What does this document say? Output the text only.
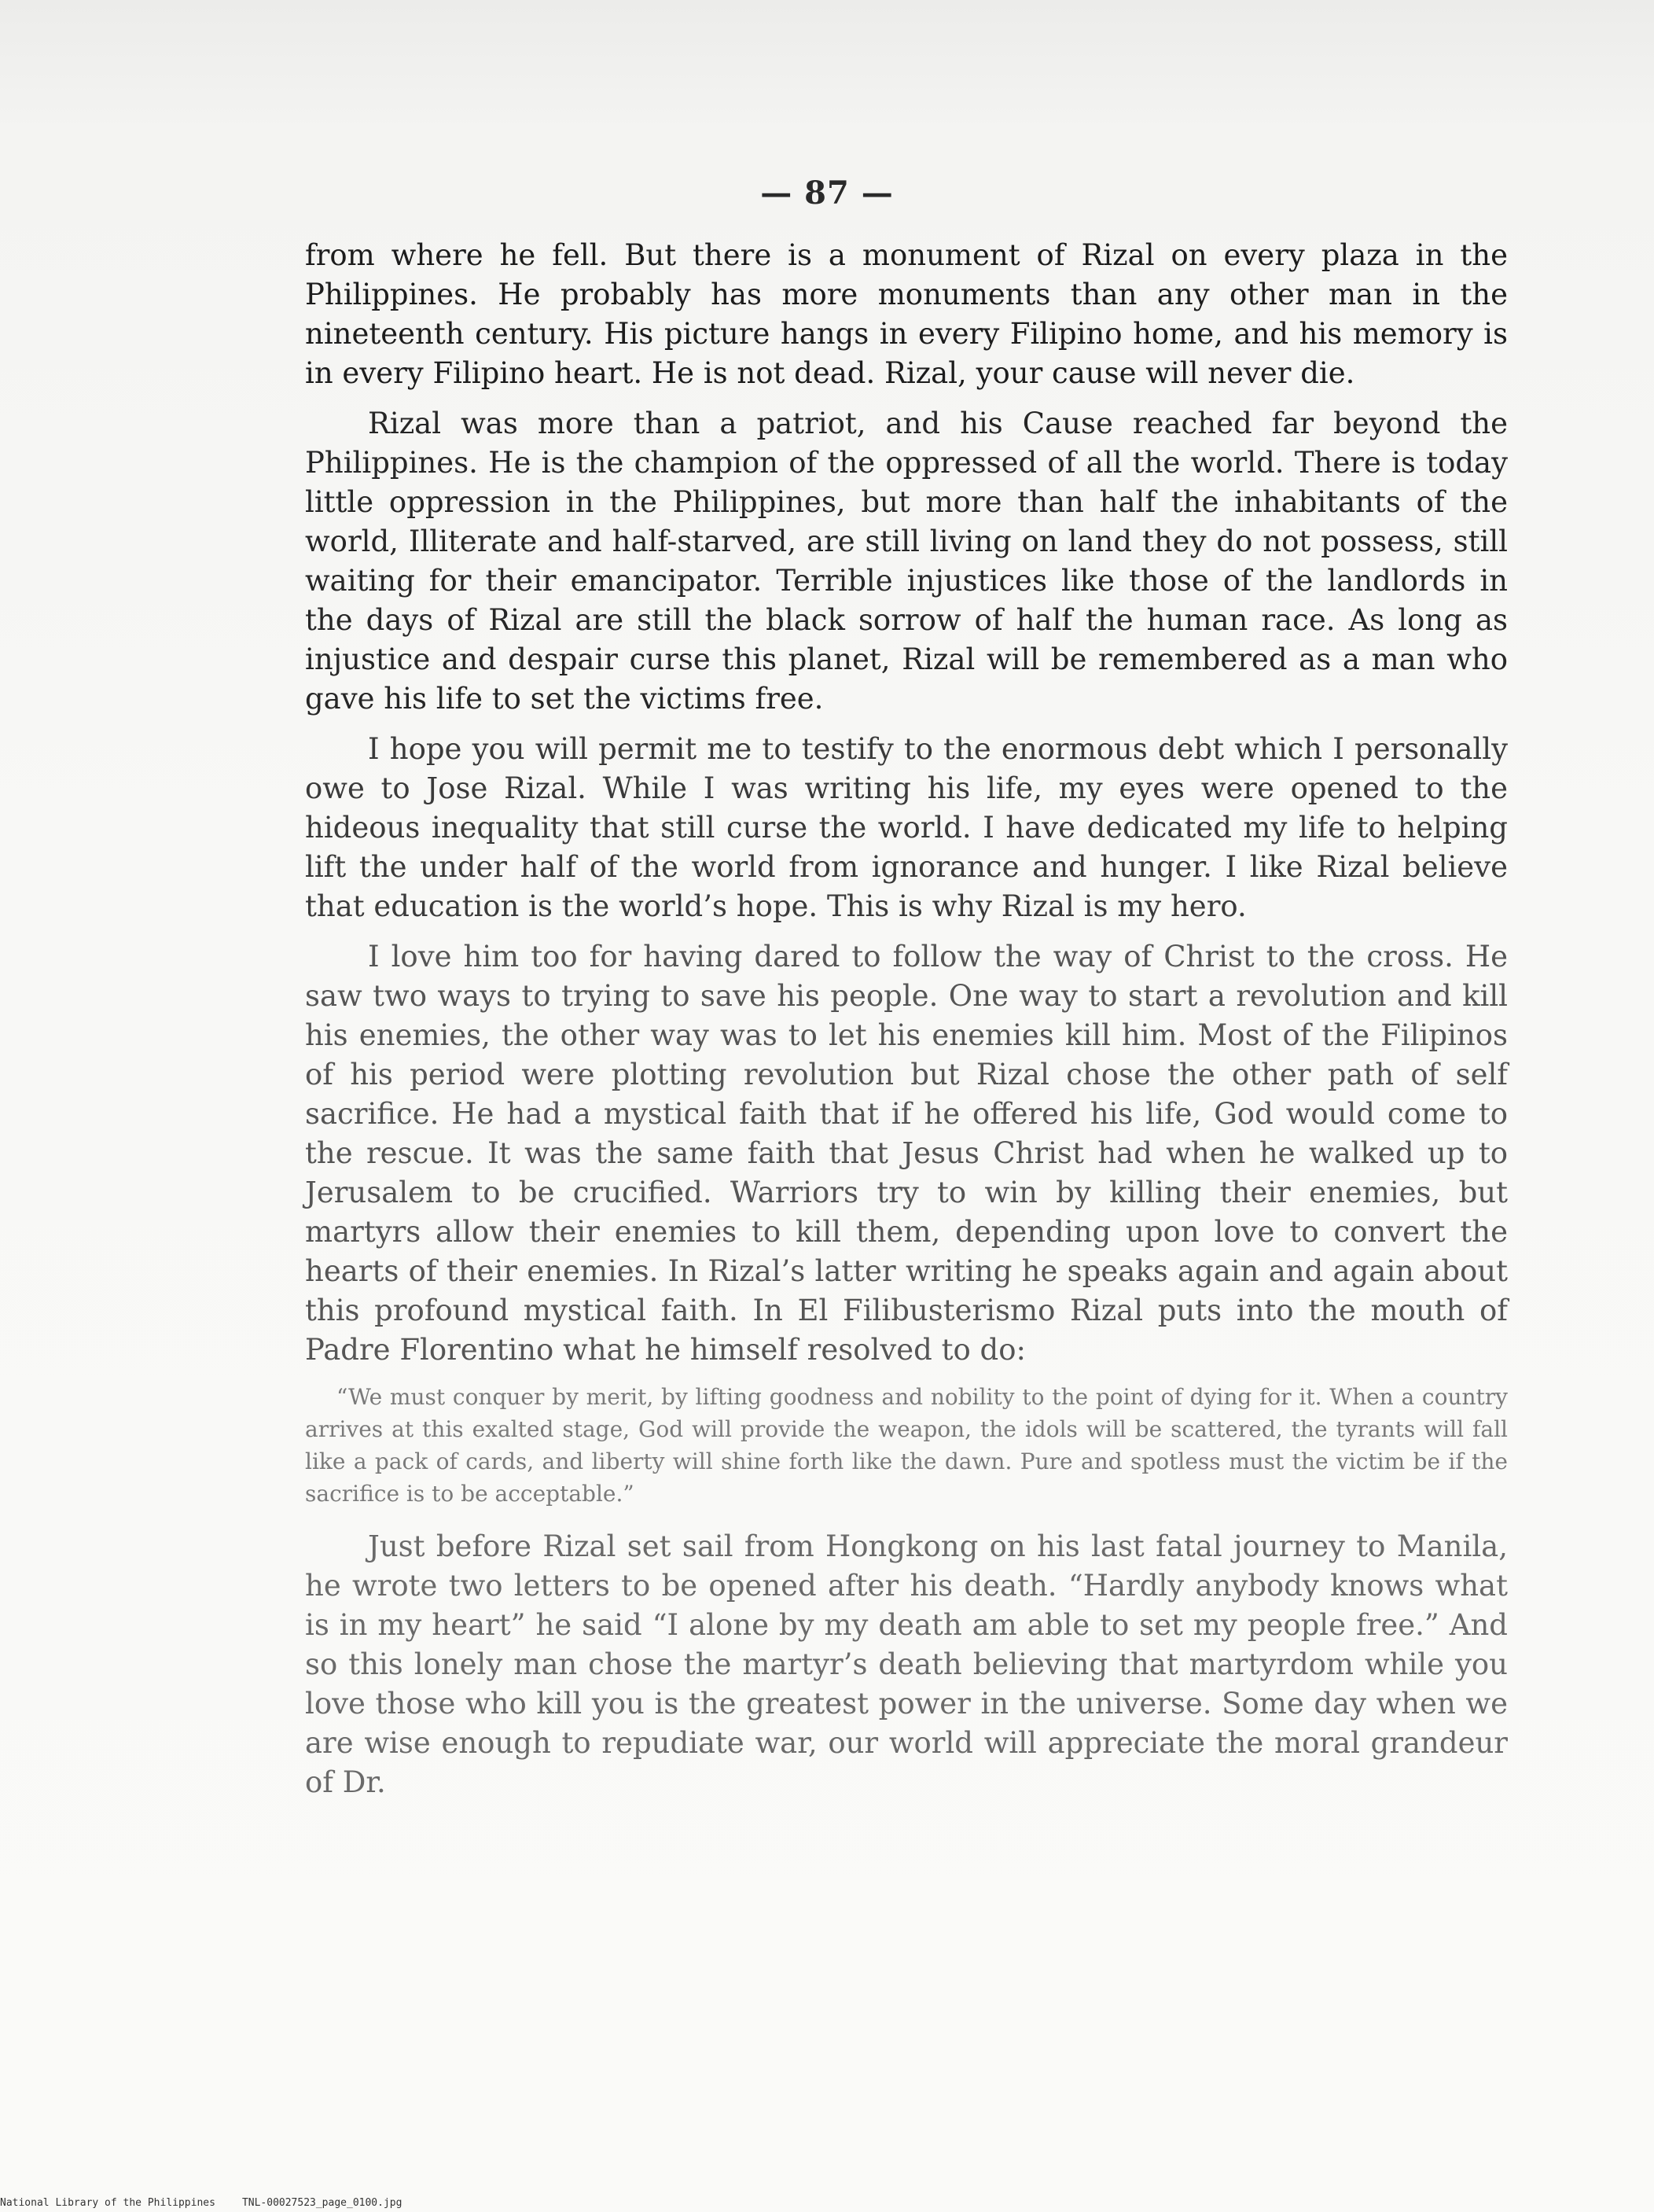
— 87 —

from where he fell. But there is a monument of Rizal on every plaza in the Philippines. He probably has more monuments than any other man in the nineteenth century. His picture hangs in every Filipino home, and his memory is in every Filipino heart. He is not dead. Rizal, your cause will never die.

Rizal was more than a patriot, and his Cause reached far beyond the Philippines. He is the champion of the oppressed of all the world. There is today little oppression in the Philippines, but more than half the inhabitants of the world, Illiterate and half-starved, are still living on land they do not possess, still waiting for their emancipator. Terrible injustices like those of the landlords in the days of Rizal are still the black sorrow of half the human race. As long as injustice and despair curse this planet, Rizal will be remembered as a man who gave his life to set the victims free.

I hope you will permit me to testify to the enormous debt which I personally owe to Jose Rizal. While I was writing his life, my eyes were opened to the hideous inequality that still curse the world. I have dedicated my life to helping lift the under half of the world from ignorance and hunger. I like Rizal believe that education is the world’s hope. This is why Rizal is my hero.

I love him too for having dared to follow the way of Christ to the cross. He saw two ways to trying to save his people. One way to start a revolution and kill his enemies, the other way was to let his enemies kill him. Most of the Filipinos of his period were plotting revolution but Rizal chose the other path of self sacrifice. He had a mystical faith that if he offered his life, God would come to the rescue. It was the same faith that Jesus Christ had when he walked up to Jerusalem to be crucified. Warriors try to win by killing their enemies, but martyrs allow their enemies to kill them, depending upon love to convert the hearts of their enemies. In Rizal’s latter writing he speaks again and again about this profound mystical faith. In El Filibusterismo Rizal puts into the mouth of Padre Florentino what he himself resolved to do:

“We must conquer by merit, by lifting goodness and nobility to the point of dying for it. When a country arrives at this exalted stage, God will provide the weapon, the idols will be scattered, the tyrants will fall like a pack of cards, and liberty will shine forth like the dawn. Pure and spotless must the victim be if the sacrifice is to be acceptable.”

Just before Rizal set sail from Hongkong on his last fatal journey to Manila, he wrote two letters to be opened after his death. “Hardly anybody knows what is in my heart” he said “I alone by my death am able to set my people free.” And so this lonely man chose the martyr’s death believing that martyrdom while you love those who kill you is the greatest power in the universe. Some day when we are wise enough to repudiate war, our world will appreciate the moral grandeur of Dr.

National Library of the Philippines	TNL-00027523_page_0100.jpg
